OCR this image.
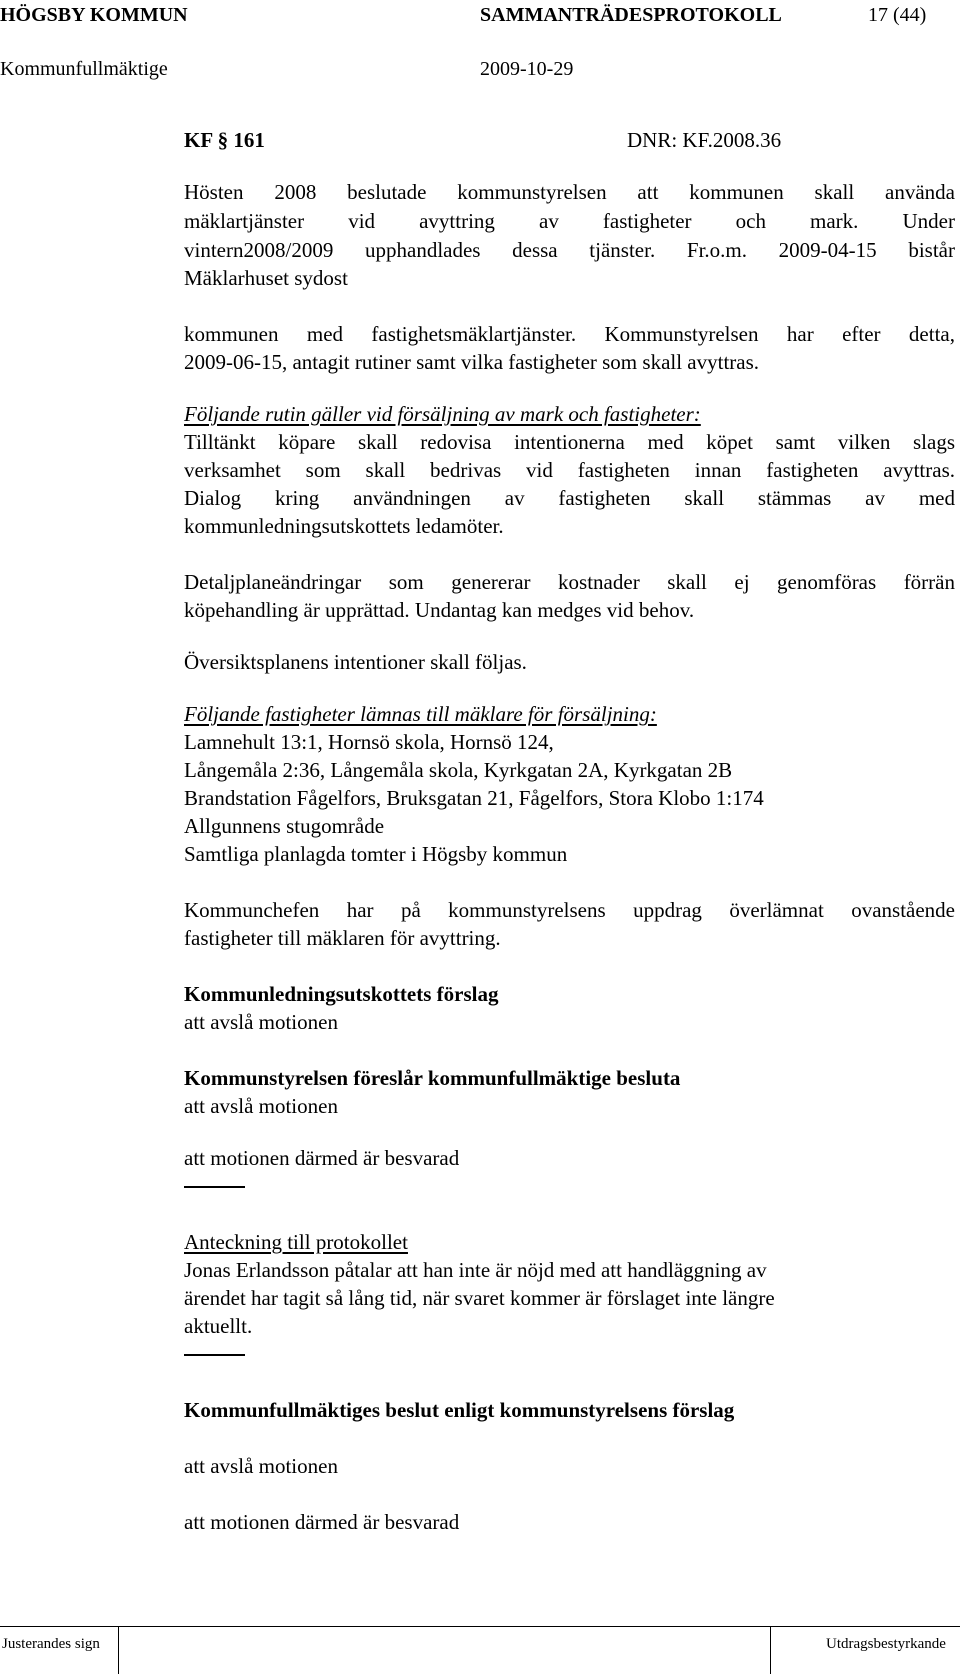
HÖGSBY KOMMUN	SAMMANTRÄDESPROTOKOLL	17 (44)
Kommunfullmäktige	2009-10-29
KF § 161	DNR: KF.2008.36
Hösten 2008 beslutade kommunstyrelsen att kommunen skall använda
mäklartjänster vid avyttring av fastigheter och mark. Under
vintern2008/2009 upphandlades dessa tjänster. Fr.o.m. 2009-04-15 bistår
Mäklarhuset sydost
kommunen med fastighetsmäklartjänster. Kommunstyrelsen har efter detta,
2009-06-15, antagit rutiner samt vilka fastigheter som skall avyttras.
Följande rutin gäller vid försäljning av mark och fastigheter:
Tilltänkt köpare skall redovisa intentionerna med köpet samt vilken slags
verksamhet som skall bedrivas vid fastigheten innan fastigheten avyttras.
Dialog kring användningen av fastigheten skall stämmas av med
kommunledningsutskottets ledamöter.
Detaljplaneändringar som genererar kostnader skall ej genomföras förrän
köpehandling är upprättad. Undantag kan medges vid behov.
Översiktsplanens intentioner skall följas.
Följande fastigheter lämnas till mäklare för försäljning:
Lamnehult 13:1, Hornsö skola, Hornsö 124,
Långemåla 2:36, Långemåla skola, Kyrkgatan 2A, Kyrkgatan 2B
Brandstation Fågelfors, Bruksgatan 21, Fågelfors, Stora Klobo 1:174
Allgunnens stugområde
Samtliga planlagda tomter i Högsby kommun
Kommunchefen har på kommunstyrelsens uppdrag överlämnat ovanstående
fastigheter till mäklaren för avyttring.
Kommunledningsutskottets förslag
att avslå motionen
Kommunstyrelsen föreslår kommunfullmäktige besluta
att avslå motionen
att motionen därmed är besvarad
Anteckning till protokollet
Jonas Erlandsson påtalar att han inte är nöjd med att handläggning av
ärendet har tagit så lång tid, när svaret kommer är förslaget inte längre
aktuellt.
Kommunfullmäktiges beslut enligt kommunstyrelsens förslag
att avslå motionen
att motionen därmed är besvarad
Justerandes sign	Utdragsbestyrkande
